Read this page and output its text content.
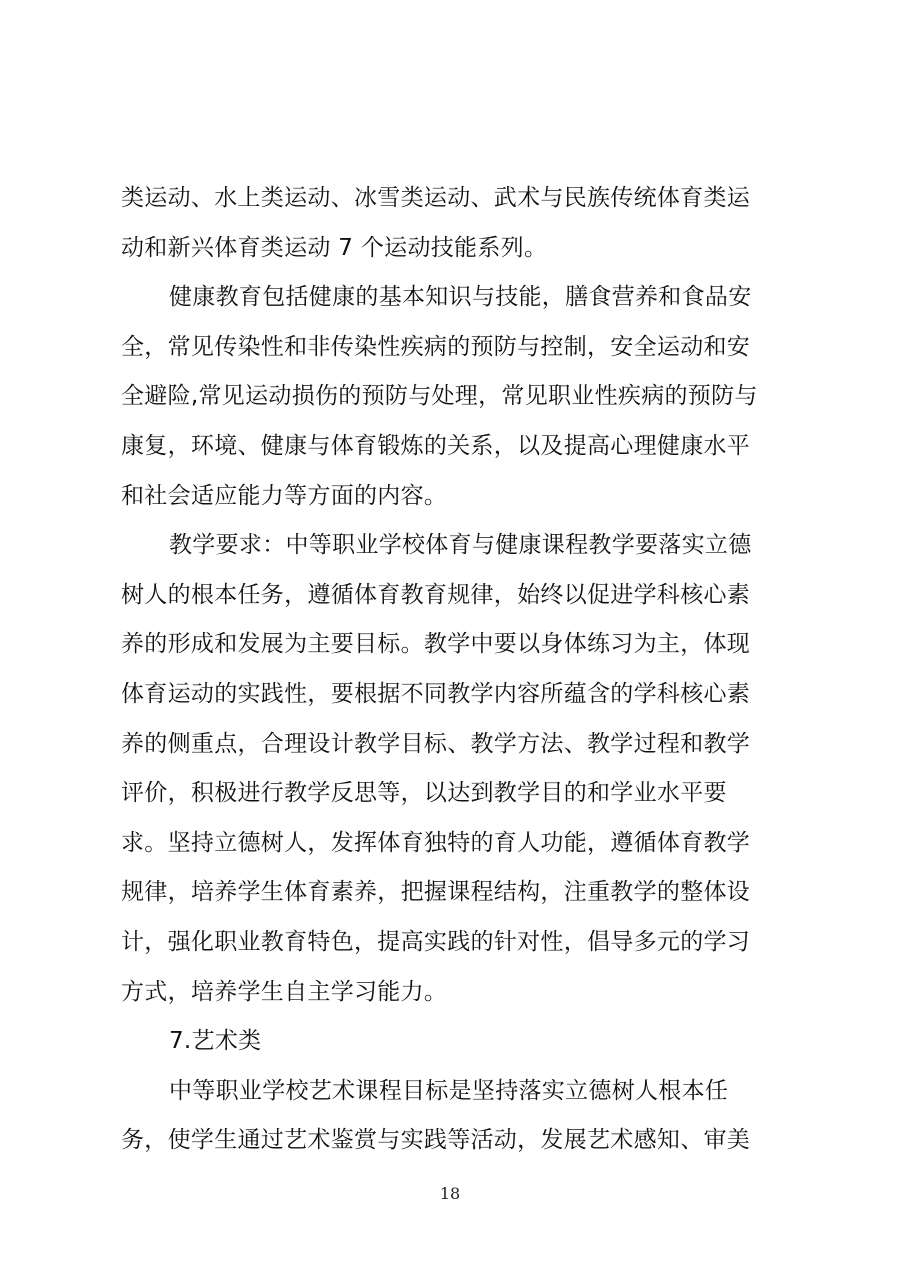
类运动、水上类运动、冰雪类运动、武术与民族传统体育类运
动和新兴体育类运动 7 个运动技能系列。
健康教育包括健康的基本知识与技能，膳食营养和食品安
全，常见传染性和非传染性疾病的预防与控制，安全运动和安
全避险,常见运动损伤的预防与处理，常见职业性疾病的预防与
康复，环境、健康与体育锻炼的关系，以及提高心理健康水平
和社会适应能力等方面的内容。
教学要求：中等职业学校体育与健康课程教学要落实立德
树人的根本任务，遵循体育教育规律，始终以促进学科核心素
养的形成和发展为主要目标。教学中要以身体练习为主，体现
体育运动的实践性，要根据不同教学内容所蕴含的学科核心素
养的侧重点，合理设计教学目标、教学方法、教学过程和教学
评价，积极进行教学反思等，以达到教学目的和学业水平要
求。坚持立德树人，发挥体育独特的育人功能，遵循体育教学
规律，培养学生体育素养，把握课程结构，注重教学的整体设
计，强化职业教育特色，提高实践的针对性，倡导多元的学习
方式，培养学生自主学习能力。
7.艺术类
中等职业学校艺术课程目标是坚持落实立德树人根本任
务，使学生通过艺术鉴赏与实践等活动，发展艺术感知、审美
18
